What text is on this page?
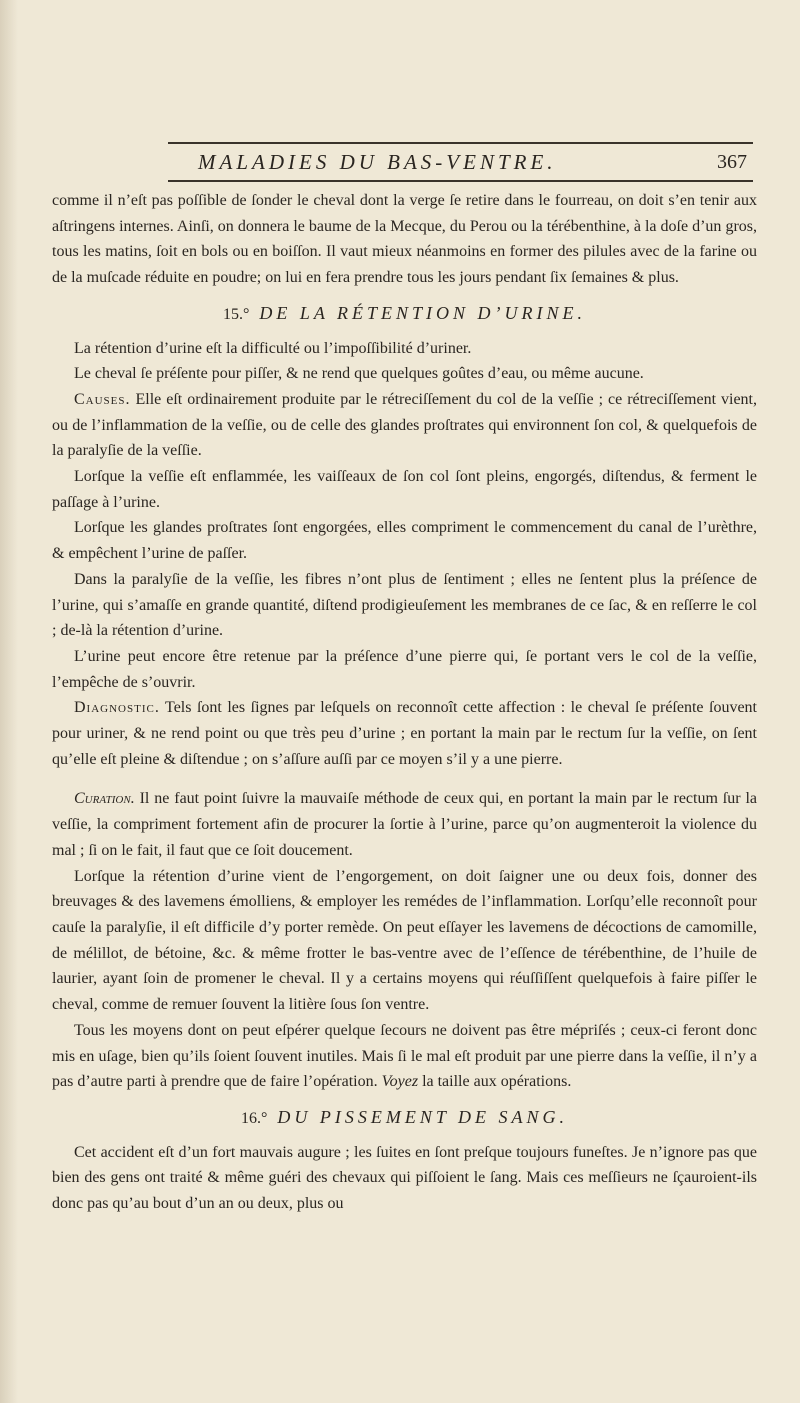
MALADIES DU BAS-VENTRE.	367

comme il n’eſt pas poſſible de ſonder le cheval dont la verge ſe retire dans le fourreau, on doit s’en tenir aux aſtringens internes. Ainſi, on donnera le baume de la Mecque, du Perou ou la térébenthine, à la doſe d’un gros, tous les matins, ſoit en bols ou en boiſſon. Il vaut mieux néanmoins en former des pilules avec de la farine ou de la muſcade réduite en poudre; on lui en fera prendre tous les jours pendant ſix ſemaines & plus.

15.° DE LA RÉTENTION D’URINE.

La rétention d’urine eſt la difficulté ou l’impoſſibilité d’uriner.

Le cheval ſe préſente pour piſſer, & ne rend que quelques goûtes d’eau, ou même aucune.

Causes. Elle eſt ordinairement produite par le rétreciſſement du col de la veſſie ; ce rétreciſſement vient, ou de l’inflammation de la veſſie, ou de celle des glandes proſtrates qui environnent ſon col, & quelquefois de la paralyſie de la veſſie.

Lorſque la veſſie eſt enflammée, les vaiſſeaux de ſon col ſont pleins, engorgés, diſtendus, & ferment le paſſage à l’urine.

Lorſque les glandes proſtrates ſont engorgées, elles compriment le commencement du canal de l’urèthre, & empêchent l’urine de paſſer.

Dans la paralyſie de la veſſie, les fibres n’ont plus de ſentiment ; elles ne ſentent plus la préſence de l’urine, qui s’amaſſe en grande quantité, diſtend prodigieuſement les membranes de ce ſac, & en reſſerre le col ; de-là la rétention d’urine.

L’urine peut encore être retenue par la préſence d’une pierre qui, ſe portant vers le col de la veſſie, l’empêche de s’ouvrir.

Diagnostic. Tels ſont les ſignes par leſquels on reconnoît cette affection : le cheval ſe préſente ſouvent pour uriner, & ne rend point ou que très peu d’urine ; en portant la main par le rectum ſur la veſſie, on ſent qu’elle eſt pleine & diſtendue ; on s’aſſure auſſi par ce moyen s’il y a une pierre.

Curation. Il ne faut point ſuivre la mauvaiſe méthode de ceux qui, en portant la main par le rectum ſur la veſſie, la compriment fortement afin de procurer la ſortie à l’urine, parce qu’on augmenteroit la violence du mal ; ſi on le fait, il faut que ce ſoit doucement.

Lorſque la rétention d’urine vient de l’engorgement, on doit ſaigner une ou deux fois, donner des breuvages & des lavemens émolliens, & employer les remédes de l’inflammation. Lorſqu’elle reconnoît pour cauſe la paralyſie, il eſt difficile d’y porter remède. On peut eſſayer les lavemens de décoctions de camomille, de mélillot, de bétoine, &c. & même frotter le bas-ventre avec de l’eſſence de térébenthine, de l’huile de laurier, ayant ſoin de promener le cheval. Il y a certains moyens qui réuſſiſſent quelquefois à faire piſſer le cheval, comme de remuer ſouvent la litière ſous ſon ventre.

Tous les moyens dont on peut eſpérer quelque ſecours ne doivent pas être mépriſés ; ceux-ci feront donc mis en uſage, bien qu’ils ſoient ſouvent inutiles. Mais ſi le mal eſt produit par une pierre dans la veſſie, il n’y a pas d’autre parti à prendre que de faire l’opération. Voyez la taille aux opérations.

16.° DU PISSEMENT DE SANG.

Cet accident eſt d’un fort mauvais augure ; les ſuites en ſont preſque toujours funeſtes. Je n’ignore pas que bien des gens ont traité & même guéri des chevaux qui piſſoient le ſang. Mais ces meſſieurs ne ſçauroient-ils donc pas qu’au bout d’un an ou deux, plus ou
